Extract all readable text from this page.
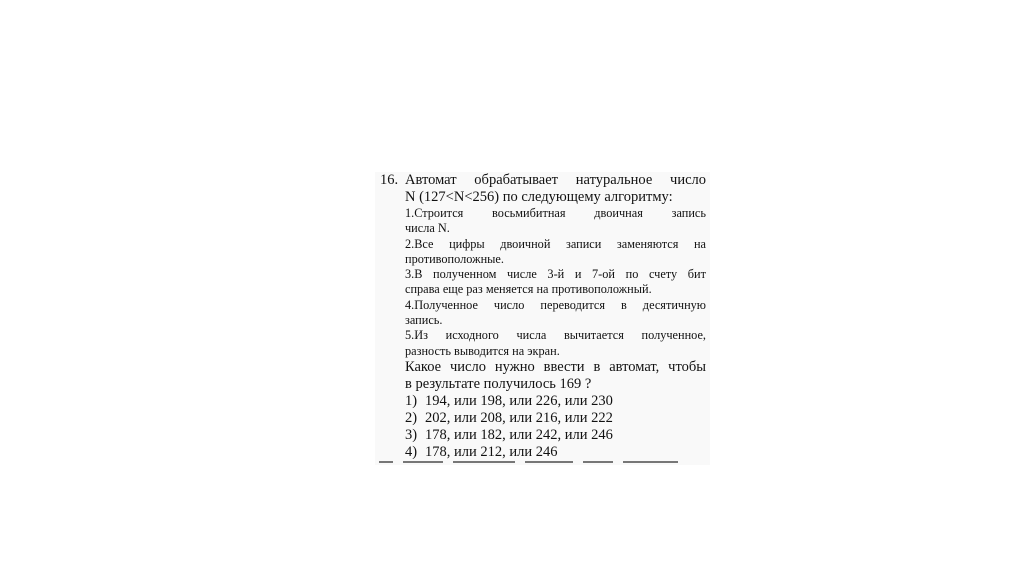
16. Автомат обрабатывает натуральное число
N (127<N<256) по следующему алгоритму:
1.Строится восьмибитная двоичная запись
числа N.
2.Все цифры двоичной записи заменяются на
противоположные.
3.В полученном числе 3-й и 7-ой по счету бит
справа еще раз меняется на противоположный.
4.Полученное число переводится в десятичную
запись.
5.Из исходного числа вычитается полученное,
разность выводится на экран.
Какое число нужно ввести в автомат, чтобы
в результате получилось 169 ?
1) 194, или 198, или 226, или 230
2) 202, или 208, или 216, или 222
3) 178, или 182, или 242, или 246
4) 178, или 212, или 246
